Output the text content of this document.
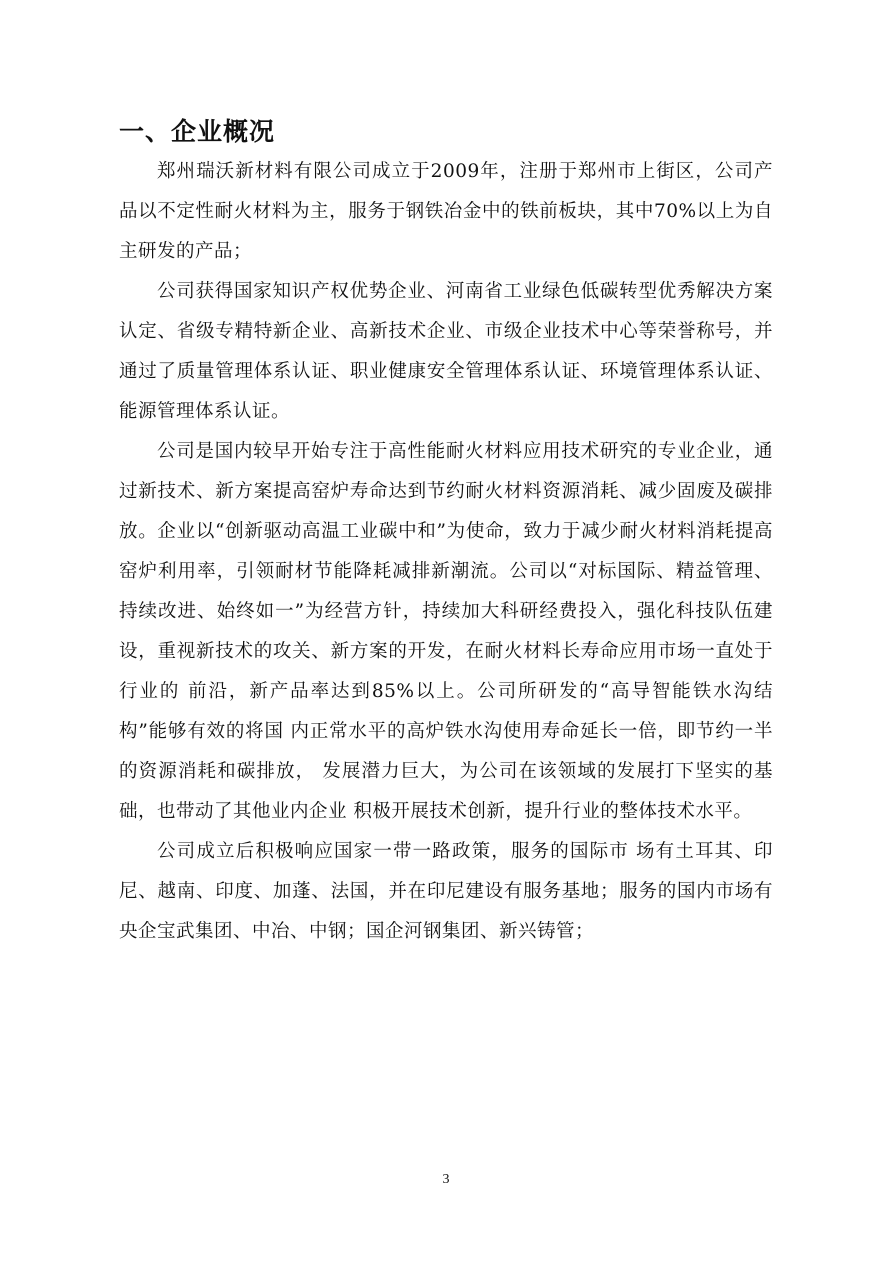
一、企业概况

郑州瑞沃新材料有限公司成立于2009年，注册于郑州市上街区，公司产品以不定性耐火材料为主，服务于钢铁冶金中的铁前板块，其中70%以上为自主研发的产品；

公司获得国家知识产权优势企业、河南省工业绿色低碳转型优秀解决方案认定、省级专精特新企业、高新技术企业、市级企业技术中心等荣誉称号，并通过了质量管理体系认证、职业健康安全管理体系认证、环境管理体系认证、能源管理体系认证。

公司是国内较早开始专注于高性能耐火材料应用技术研究的专业企业，通过新技术、新方案提高窑炉寿命达到节约耐火材料资源消耗、减少固废及碳排放。企业以“创新驱动高温工业碳中和”为使命，致力于减少耐火材料消耗提高 窑炉利用率，引领耐材节能降耗减排新潮流。公司以“对标国际、精益管理、持续改进、始终如一”为经营方针，持续加大科研经费投入，强化科技队伍建设，重视新技术的攻关、新方案的开发，在耐火材料长寿命应用市场一直处于行业的 前沿，新产品率达到85%以上。公司所研发的“高导智能铁水沟结构”能够有效的将国 内正常水平的高炉铁水沟使用寿命延长一倍，即节约一半的资源消耗和碳排放， 发展潜力巨大，为公司在该领域的发展打下坚实的基础，也带动了其他业内企业 积极开展技术创新，提升行业的整体技术水平。

公司成立后积极响应国家一带一路政策，服务的国际市 场有土耳其、印尼、越南、印度、加蓬、法国，并在印尼建设有服务基地；服务的国内市场有央企宝武集团、中冶、中钢；国企河钢集团、新兴铸管；

3
